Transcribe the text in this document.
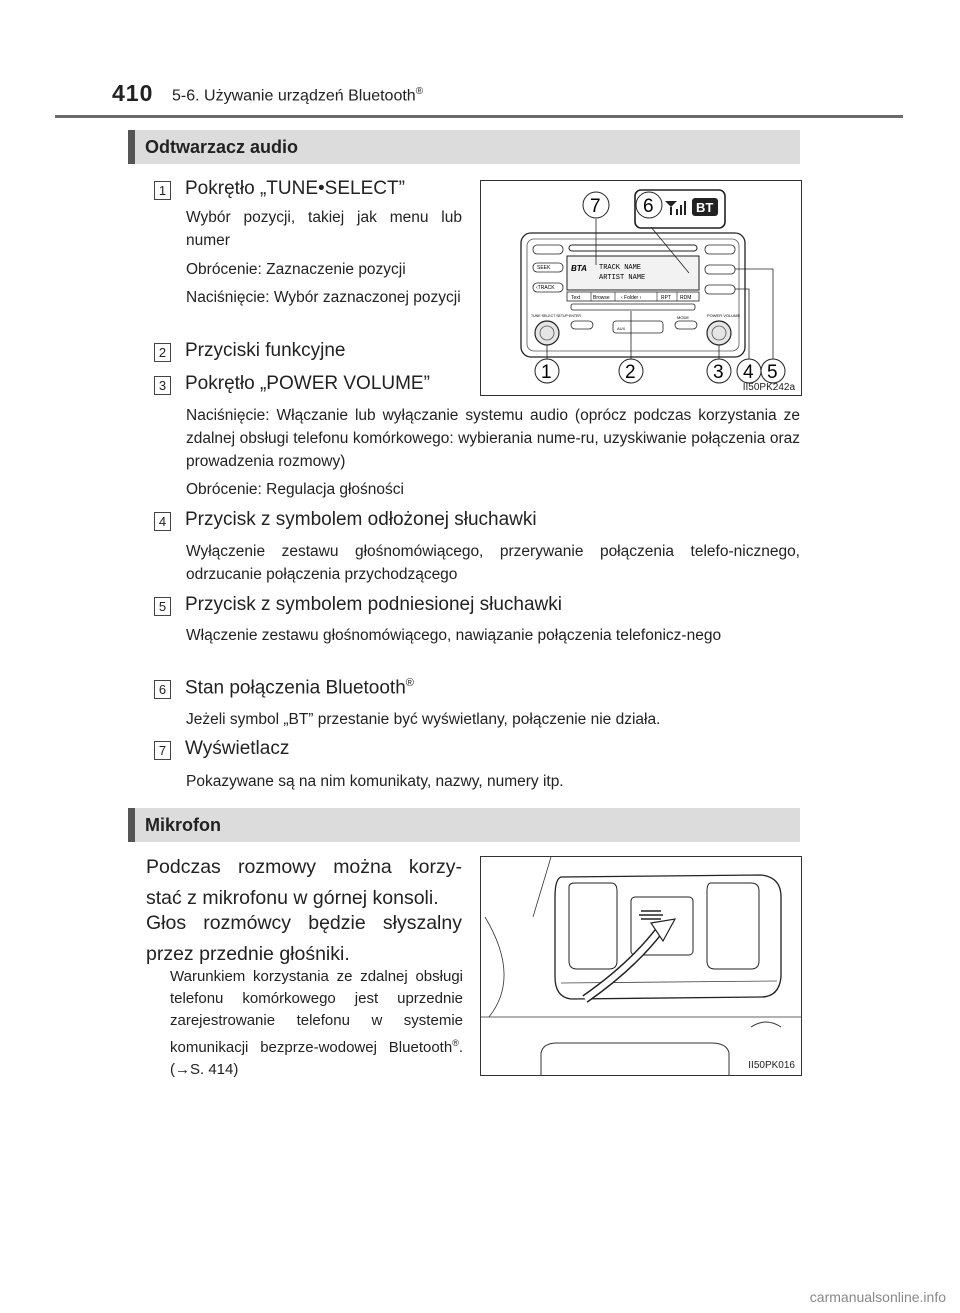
410 5-6. Używanie urządzeń Bluetooth®
Odtwarzacz audio
1 Pokrętło „TUNE•SELECT”
Wybór pozycji, takiej jak menu lub numer
Obrócenie: Zaznaczenie pozycji
Naciśnięcie: Wybór zaznaczonej pozycji
2 Przyciski funkcyjne
3 Pokrętło „POWER VOLUME”
Naciśnięcie: Włączanie lub wyłączanie systemu audio (oprócz podczas korzystania ze zdalnej obsługi telefonu komórkowego: wybierania nume-ru, uzyskiwanie połączenia oraz prowadzenia rozmowy)
Obrócenie: Regulacja głośności
4 Przycisk z symbolem odłożonej słuchawki
Wyłączenie zestawu głośnomówiącego, przerywanie połączenia telefo-nicznego, odrzucanie połączenia przychodzącego
5 Przycisk z symbolem podniesionej słuchawki
Włączenie zestawu głośnomówiącego, nawiązanie połączenia telefonicz-nego
6 Stan połączenia Bluetooth®
Jeżeli symbol „BT” przestanie być wyświetlany, połączenie nie działa.
7 Wyświetlacz
Pokazywane są na nim komunikaty, nazwy, numery itp.
7 6
1	2	3 4 5
BTA TRACK NAME
ARTIST NAME
BT
Text	Browse ‹ Folder ›	RPT RDM
SEEK
‹TRACK
TUNE·SELECT SETUP·ENTER	POWER VOLUME
MODE
AUX
II50PK242a
Mikrofon
Podczas rozmowy można korzy-stać z mikrofonu w górnej konsoli.
Głos rozmówcy będzie słyszalny przez przednie głośniki.
Warunkiem korzystania ze zdalnej obsługi telefonu komórkowego jest uprzednie zarejestrowanie telefonu w systemie komunikacji bezprze-wodowej Bluetooth®. (→S. 414)	II50PK016
carmanualsonline.info
